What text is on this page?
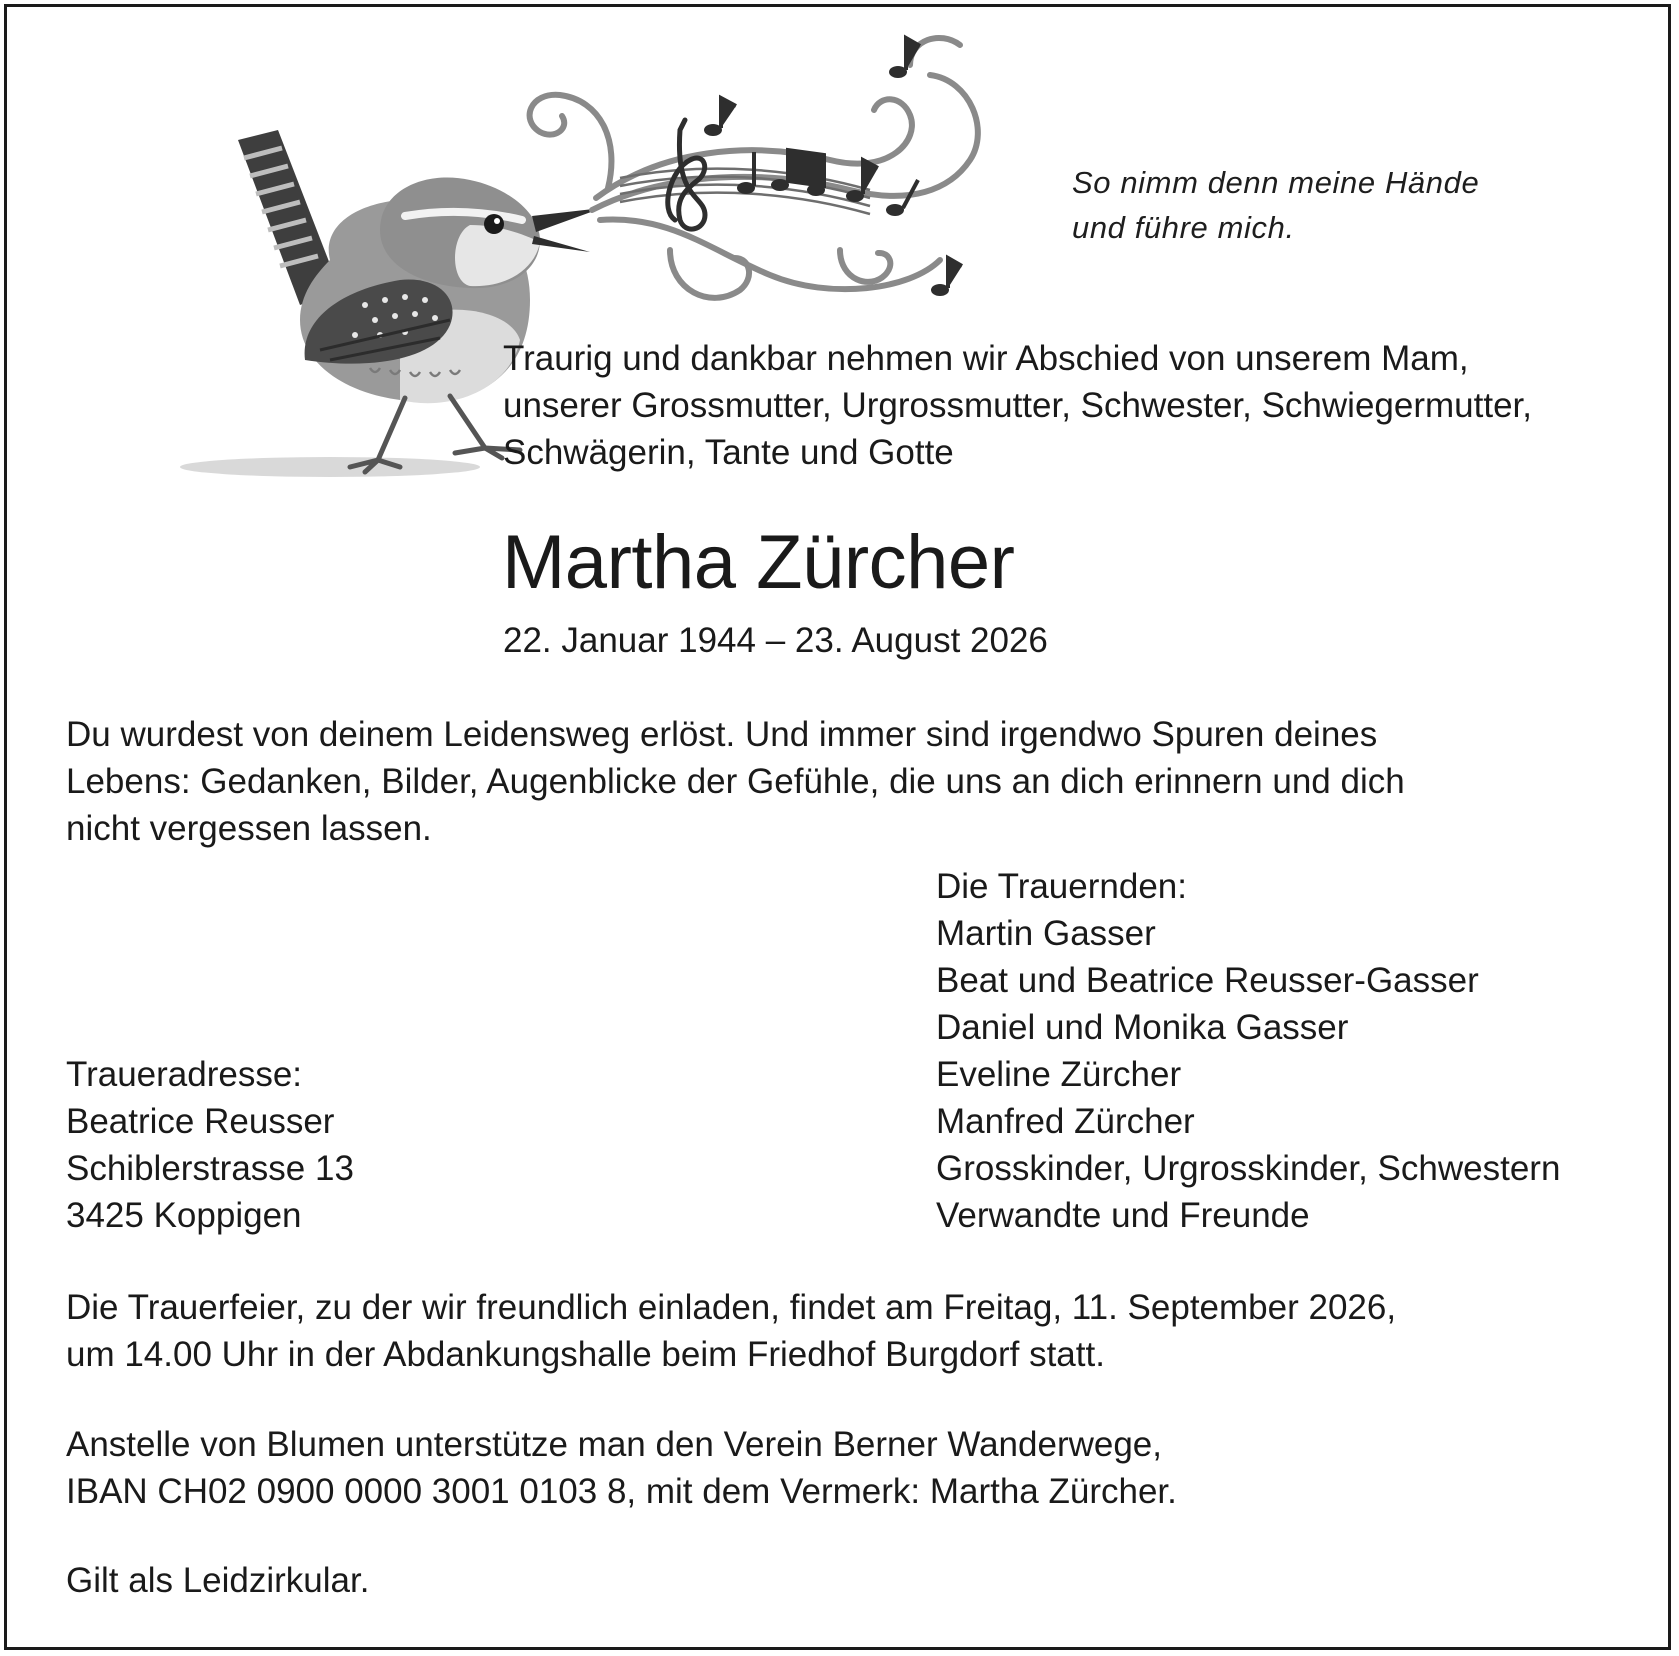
So nimm denn meine Hände
und führe mich.
Traurig und dankbar nehmen wir Abschied von unserem Mam,
unserer Grossmutter, Urgrossmutter, Schwester, Schwiegermutter,
Schwägerin, Tante und Gotte
Martha Zürcher
22. Januar 1944 – 23. August 2026
Du wurdest von deinem Leidensweg erlöst. Und immer sind irgendwo Spuren deines
Lebens: Gedanken, Bilder, Augenblicke der Gefühle, die uns an dich erinnern und dich
nicht vergessen lassen.
Die Trauernden:
Martin Gasser
Beat und Beatrice Reusser-Gasser
Daniel und Monika Gasser
Eveline Zürcher
Manfred Zürcher
Grosskinder, Urgrosskinder, Schwestern
Verwandte und Freunde
Traueradresse:
Beatrice Reusser
Schiblerstrasse 13
3425 Koppigen
Die Trauerfeier, zu der wir freundlich einladen, findet am Freitag, 11. September 2026,
um 14.00 Uhr in der Abdankungshalle beim Friedhof Burgdorf statt.
Anstelle von Blumen unterstütze man den Verein Berner Wanderwege,
IBAN CH02 0900 0000 3001 0103 8, mit dem Vermerk: Martha Zürcher.
Gilt als Leidzirkular.
